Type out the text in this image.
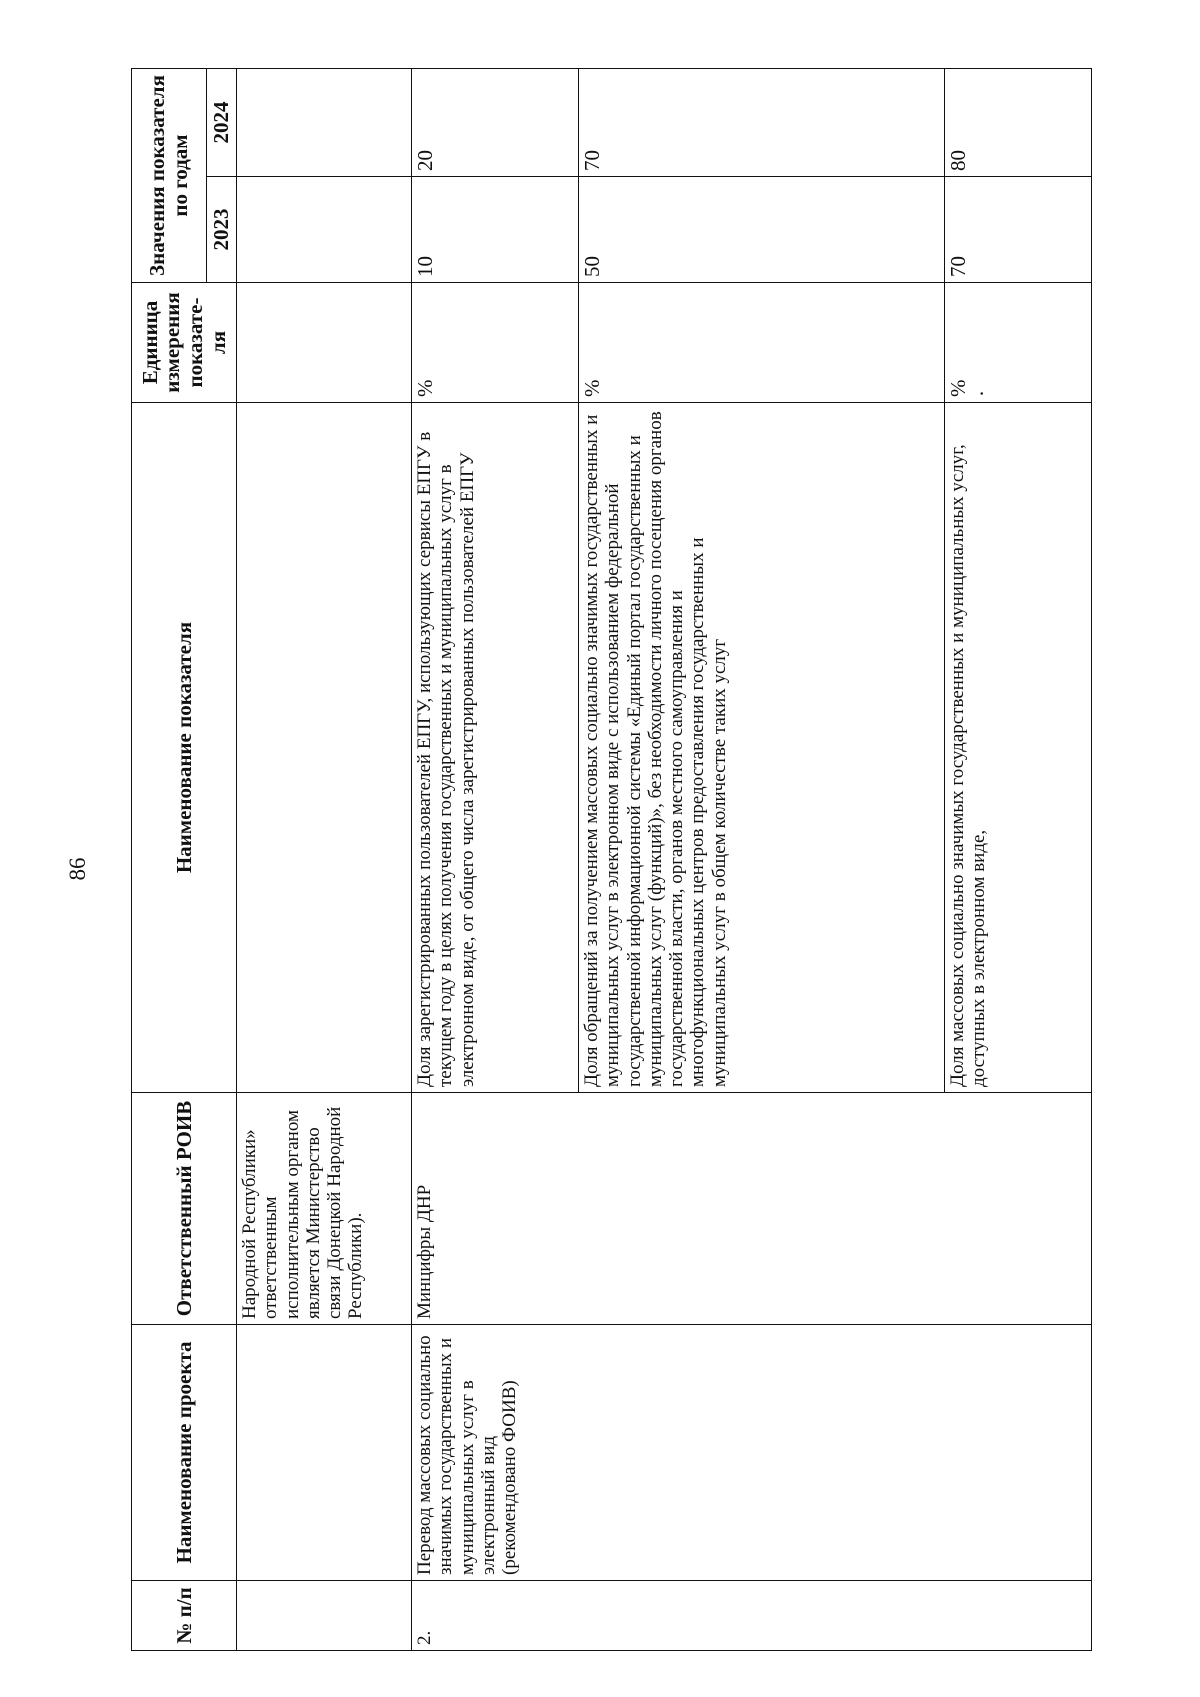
86
№ п/п	Наименование проекта	Ответственный РОИВ	Наименование показателя	Единица измерения показате-ля	Значения показателя по годам	
					2023	2024
		Народной Республики» ответственным исполнительным органом является Министерство связи Донецкой Народной Республики).				
2.	Перевод массовых социально значимых государственных и муниципальных услуг в электронный вид (рекомендовано ФОИВ)	Минцифры ДНР	Доля зарегистрированных пользователей ЕПГУ, использующих сервисы ЕПГУ в текущем году в целях получения государственных и муниципальных услуг в электронном виде, от общего числа зарегистрированных пользователей ЕПГУ	%	10	20
			Доля обращений за получением массовых социально значимых государственных и муниципальных услуг в электронном виде с использованием федеральной государственной информационной системы «Единый портал государственных и муниципальных услуг (функций)», без необходимости личного посещения органов государственной власти, органов местного самоуправления и многофункциональных центров предоставления государственных и муниципальных услуг в общем количестве таких услуг	%	50	70
			Доля массовых социально значимых государственных и муниципальных услуг, доступных в электронном виде,	% ·	70	80
